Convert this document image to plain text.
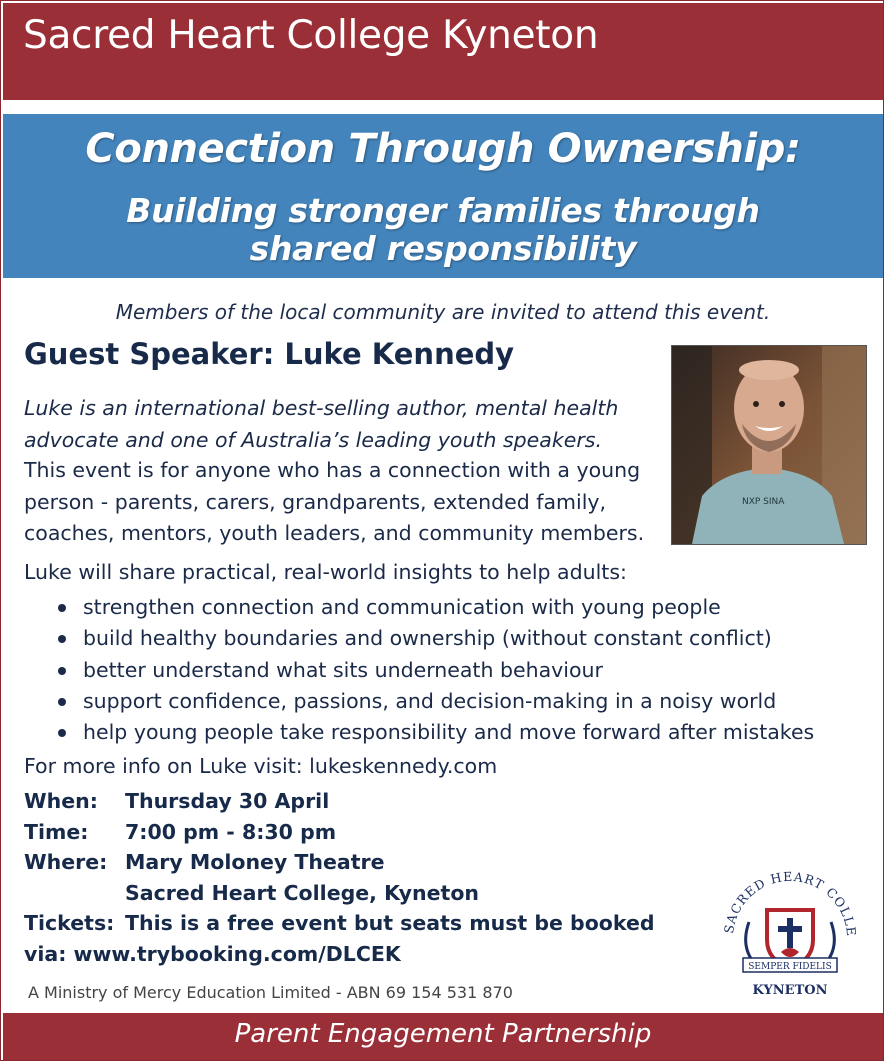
Sacred Heart College Kyneton
Connection Through Ownership:
Building stronger families through shared responsibility
Members of the local community are invited to attend this event.
Guest Speaker: Luke Kennedy
Luke is an international best-selling author, mental health advocate and one of Australia’s leading youth speakers.
This event is for anyone who has a connection with a young person - parents, carers, grandparents, extended family, coaches, mentors, youth leaders, and community members.
NXP SINA
Luke will share practical, real-world insights to help adults:
strengthen connection and communication with young people
build healthy boundaries and ownership (without constant conflict)
better understand what sits underneath behaviour
support confidence, passions, and decision-making in a noisy world
help young people take responsibility and move forward after mistakes
For more info on Luke visit: lukeskennedy.com
When: Thursday 30 April
Time: 7:00 pm - 8:30 pm
Where: Mary Moloney Theatre
Sacred Heart College, Kyneton
Tickets: This is a free event but seats must be booked
via: www.trybooking.com/DLCEK
A Ministry of Mercy Education Limited - ABN 69 154 531 870
SACRED HEART COLLE
SEMPER FIDELIS
KYNETON
Parent Engagement Partnership
